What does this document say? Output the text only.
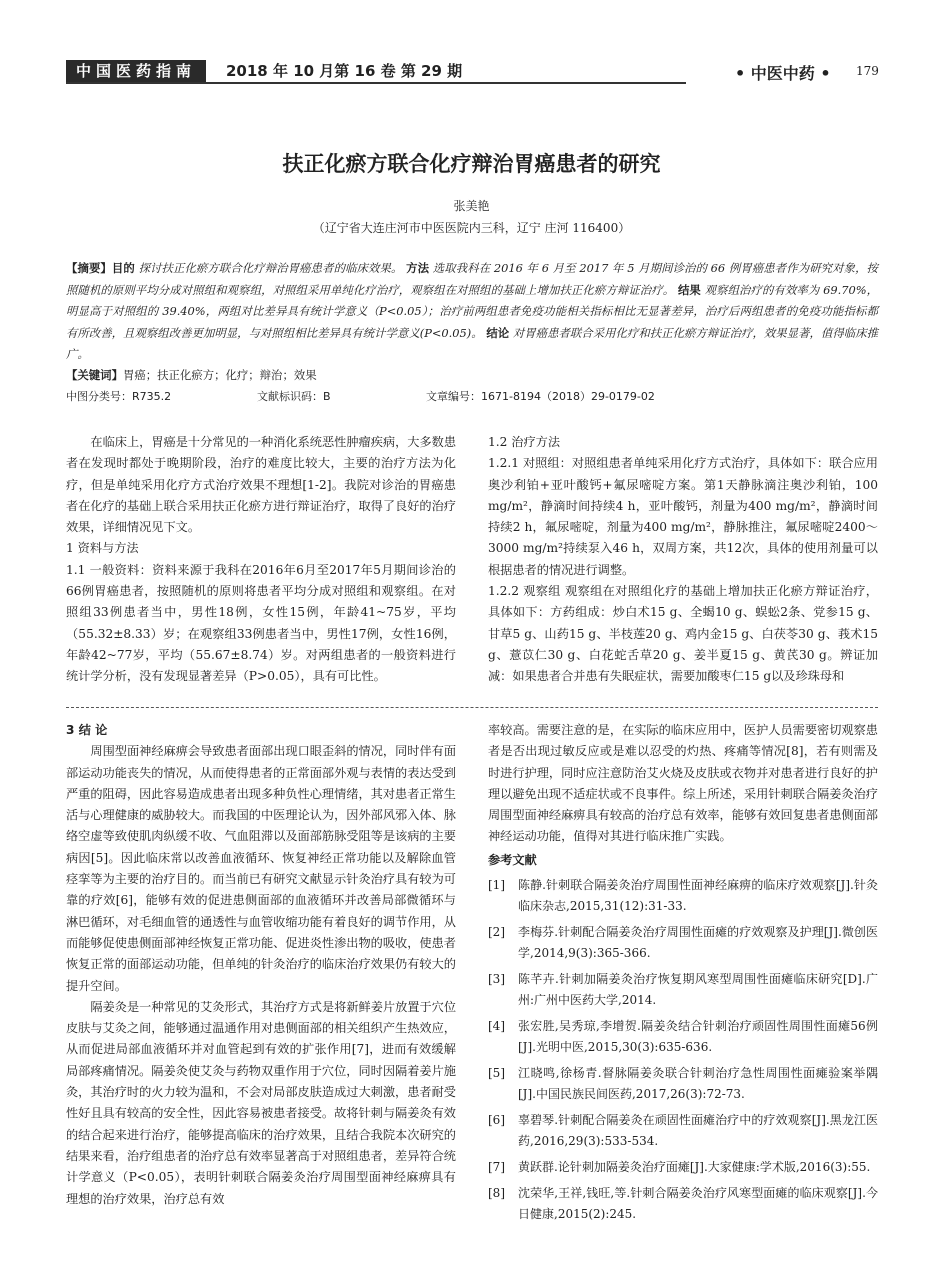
中国医药指南	2018 年 10 月第 16 卷 第 29 期	• 中医中药 • 179
扶正化瘀方联合化疗辩治胃癌患者的研究
张美艳
（辽宁省大连庄河市中医医院内三科，辽宁 庄河 116400）
【摘要】目的 探讨扶正化瘀方联合化疗辩治胃癌患者的临床效果。 方法 选取我科在 2016 年 6 月至 2017 年 5 月期间诊治的 66 例胃癌患者作为研究对象，按照随机的原则平均分成对照组和观察组，对照组采用单纯化疗治疗，观察组在对照组的基础上增加扶正化瘀方辩证治疗。 结果 观察组治疗的有效率为 69.70%，明显高于对照组的 39.40%，两组对比差异具有统计学意义（P<0.05）；治疗前两组患者免疫功能相关指标相比无显著差异，治疗后两组患者的免疫功能指标都有所改善，且观察组改善更加明显，与对照组相比差异具有统计学意义(P<0.05)。 结论 对胃癌患者联合采用化疗和扶正化瘀方辩证治疗，效果显著，值得临床推广。
【关键词】胃癌；扶正化瘀方；化疗；辩治；效果
中图分类号：R735.2	文献标识码：B	文章编号：1671-8194（2018）29-0179-02

在临床上，胃癌是十分常见的一种消化系统恶性肿瘤疾病，大多数患者在发现时都处于晚期阶段，治疗的难度比较大，主要的治疗方法为化疗，但是单纯采用化疗方式治疗效果不理想[1-2]。我院对诊治的胃癌患者在化疗的基础上联合采用扶正化瘀方进行辩证治疗，取得了良好的治疗效果，详细情况见下文。

1 资料与方法

1.1 一般资料：资料来源于我科在2016年6月至2017年5月期间诊治的66例胃癌患者，按照随机的原则将患者平均分成对照组和观察组。在对照组33例患者当中，男性18例，女性15例，年龄41~75岁，平均（55.32±8.33）岁；在观察组33例患者当中，男性17例，女性16例，年龄42~77岁，平均（55.67±8.74）岁。对两组患者的一般资料进行统计学分析，没有发现显著差异（P>0.05），具有可比性。

1.2 治疗方法

1.2.1 对照组：对照组患者单纯采用化疗方式治疗，具体如下：联合应用奥沙利铂+亚叶酸钙+氟尿嘧啶方案。第1天静脉滴注奥沙利铂，100 mg/m²，静滴时间持续4 h，亚叶酸钙，剂量为400 mg/m²，静滴时间持续2 h，氟尿嘧啶，剂量为400 mg/m²，静脉推注，氟尿嘧啶2400～3000 mg/m²持续泵入46 h，双周方案，共12次，具体的使用剂量可以根据患者的情况进行调整。

1.2.2 观察组 观察组在对照组化疗的基础上增加扶正化瘀方辩证治疗，具体如下：方药组成：炒白术15 g、全蝎10 g、蜈蚣2条、党参15 g、甘草5 g、山药15 g、半枝莲20 g、鸡内金15 g、白茯苓30 g、莪术15 g、薏苡仁30 g、白花蛇舌草20 g、姜半夏15 g、黄芪30 g。辨证加减：如果患者合并患有失眠症状，需要加酸枣仁15 g以及珍珠母和

3 结 论

周围型面神经麻痹会导致患者面部出现口眼歪斜的情况，同时伴有面部运动功能丧失的情况，从而使得患者的正常面部外观与表情的表达受到严重的阻碍，因此容易造成患者出现多种负性心理情绪，其对患者正常生活与心理健康的威胁较大。而我国的中医理论认为，因外部风邪入体、脉络空虚等致使肌肉纵缓不收、气血阻滞以及面部筋脉受阻等是该病的主要病因[5]。因此临床常以改善血液循环、恢复神经正常功能以及解除血管痉挛等为主要的治疗目的。而当前已有研究文献显示针灸治疗具有较为可靠的疗效[6]，能够有效的促进患侧面部的血液循环并改善局部微循环与淋巴循环，对毛细血管的通透性与血管收缩功能有着良好的调节作用，从而能够促使患侧面部神经恢复正常功能、促进炎性渗出物的吸收，使患者恢复正常的面部运动功能，但单纯的针灸治疗的临床治疗效果仍有较大的提升空间。

隔姜灸是一种常见的艾灸形式，其治疗方式是将新鲜姜片放置于穴位皮肤与艾灸之间，能够通过温通作用对患侧面部的相关组织产生热效应，从而促进局部血液循环并对血管起到有效的扩张作用[7]，进而有效缓解局部疼痛情况。隔姜灸使艾灸与药物双重作用于穴位，同时因隔着姜片施灸，其治疗时的火力较为温和，不会对局部皮肤造成过大刺激，患者耐受性好且具有较高的安全性，因此容易被患者接受。故将针刺与隔姜灸有效的结合起来进行治疗，能够提高临床的治疗效果，且结合我院本次研究的结果来看，治疗组患者的治疗总有效率显著高于对照组患者，差异符合统计学意义（P<0.05），表明针刺联合隔姜灸治疗周围型面神经麻痹具有理想的治疗效果，治疗总有效

率较高。需要注意的是，在实际的临床应用中，医护人员需要密切观察患者是否出现过敏反应或是难以忍受的灼热、疼痛等情况[8]，若有则需及时进行护理，同时应注意防治艾火烧及皮肤或衣物并对患者进行良好的护理以避免出现不适症状或不良事件。综上所述，采用针刺联合隔姜灸治疗周围型面神经麻痹具有较高的治疗总有效率，能够有效回复患者患侧面部神经运动功能，值得对其进行临床推广实践。

参考文献

[1]	陈静.针刺联合隔姜灸治疗周围性面神经麻痹的临床疗效观察[J].针灸临床杂志,2015,31(12):31-33.
[2]	李梅芬.针刺配合隔姜灸治疗周围性面瘫的疗效观察及护理[J].微创医学,2014,9(3):365-366.
[3]	陈芊卉.针刺加隔姜灸治疗恢复期风寒型周围性面瘫临床研究[D].广州:广州中医药大学,2014.
[4]	张宏胜,吴秀琼,李增贺.隔姜灸结合针刺治疗顽固性周围性面瘫56例[J].光明中医,2015,30(3):635-636.
[5]	江晓鸣,徐杨青.督脉隔姜灸联合针刺治疗急性周围性面瘫验案举隅[J].中国民族民间医药,2017,26(3):72-73.
[6]	辜碧琴.针刺配合隔姜灸在顽固性面瘫治疗中的疗效观察[J].黑龙江医药,2016,29(3):533-534.
[7]	黄跃群.论针刺加隔姜灸治疗面瘫[J].大家健康:学术版,2016(3):55.
[8]	沈荣华,王祥,钱旺,等.针刺合隔姜灸治疗风寒型面瘫的临床观察[J].今日健康,2015(2):245.
